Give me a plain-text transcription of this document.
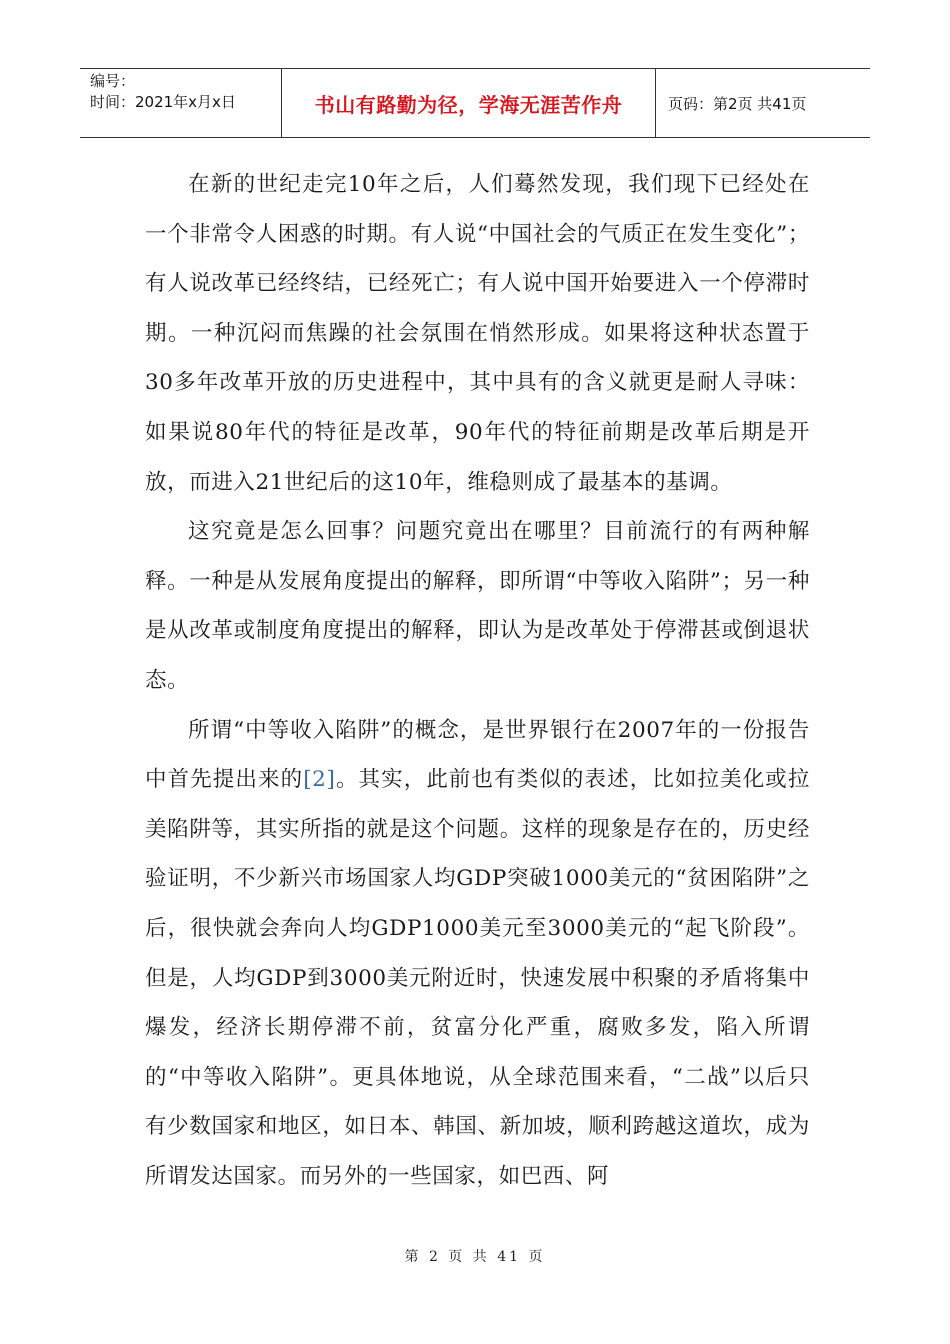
编号：
时间：2021年x月x日	书山有路勤为径，学海无涯苦作舟	页码：第2页 共41页

在新的世纪走完10年之后，人们蓦然发现，我们现下已经处在一个非常令人困惑的时期。有人说“中国社会的气质正在发生变化”；有人说改革已经终结，已经死亡；有人说中国开始要进入一个停滞时期。一种沉闷而焦躁的社会氛围在悄然形成。如果将这种状态置于30多年改革开放的历史进程中，其中具有的含义就更是耐人寻味：如果说80年代的特征是改革，90年代的特征前期是改革后期是开放，而进入21世纪后的这10年，维稳则成了最基本的基调。

这究竟是怎么回事？问题究竟出在哪里？目前流行的有两种解释。一种是从发展角度提出的解释，即所谓“中等收入陷阱”；另一种是从改革或制度角度提出的解释，即认为是改革处于停滞甚或倒退状态。

所谓“中等收入陷阱”的概念，是世界银行在2007年的一份报告中首先提出来的[2]。其实，此前也有类似的表述，比如拉美化或拉美陷阱等，其实所指的就是这个问题。这样的现象是存在的，历史经验证明，不少新兴市场国家人均GDP突破1000美元的“贫困陷阱”之后，很快就会奔向人均GDP1000美元至3000美元的“起飞阶段”。但是，人均GDP到3000美元附近时，快速发展中积聚的矛盾将集中爆发，经济长期停滞不前，贫富分化严重，腐败多发，陷入所谓的“中等收入陷阱”。更具体地说，从全球范围来看，“二战”以后只有少数国家和地区，如日本、韩国、新加坡，顺利跨越这道坎，成为所谓发达国家。而另外的一些国家，如巴西、阿

第 2 页 共 41 页
